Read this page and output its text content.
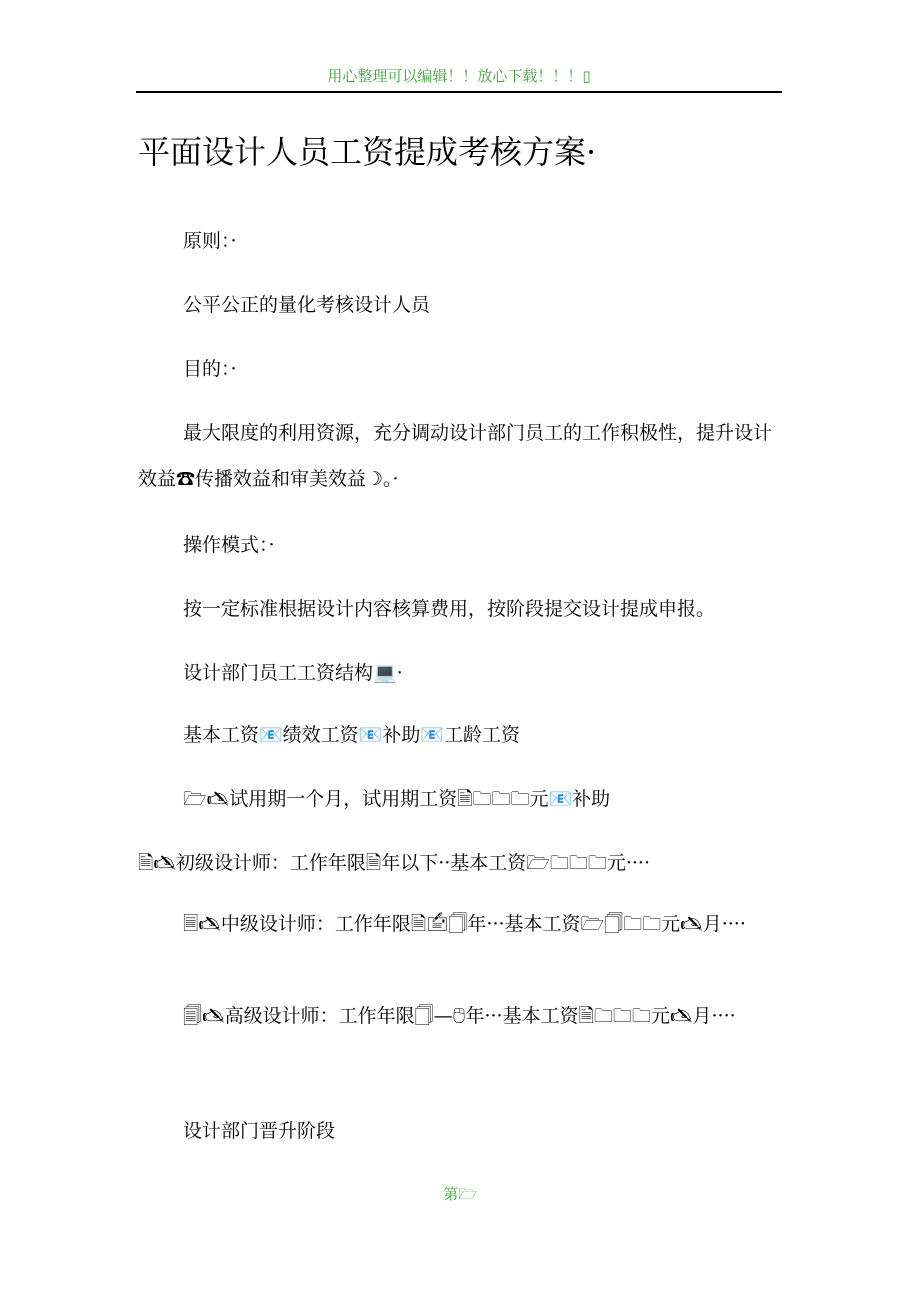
用心整理可以编辑！！放心下载！！！▯
平面设计人员工资提成考核方案·
原则：·
公平公正的量化考核设计人员
目的：·
最大限度的利用资源，充分调动设计部门员工的工作积极性，提升设计效益☎传播效益和审美效益☽。·
操作模式：·
按一定标准根据设计内容核算费用，按阶段提交设计提成申报。
设计部门员工工资结构💻·
基本工资📧绩效工资📧补助📧工龄工资
🗁🖎试用期一个月，试用期工资🗎🗀🗀🗀元📧补助
🗎🖎初级设计师：工作年限🗎年以下··基本工资🗁🗀🗀🗀元····
🗏🖎中级设计师：工作年限🗎🖆🗍年···基本工资🗁🗍🗀🗀元🖎月····
🗐🖎高级设计师：工作年限🗍—🖰年···基本工资🗎🗀🗀🗀元🖎月····
设计部门晋升阶段
第🗁
